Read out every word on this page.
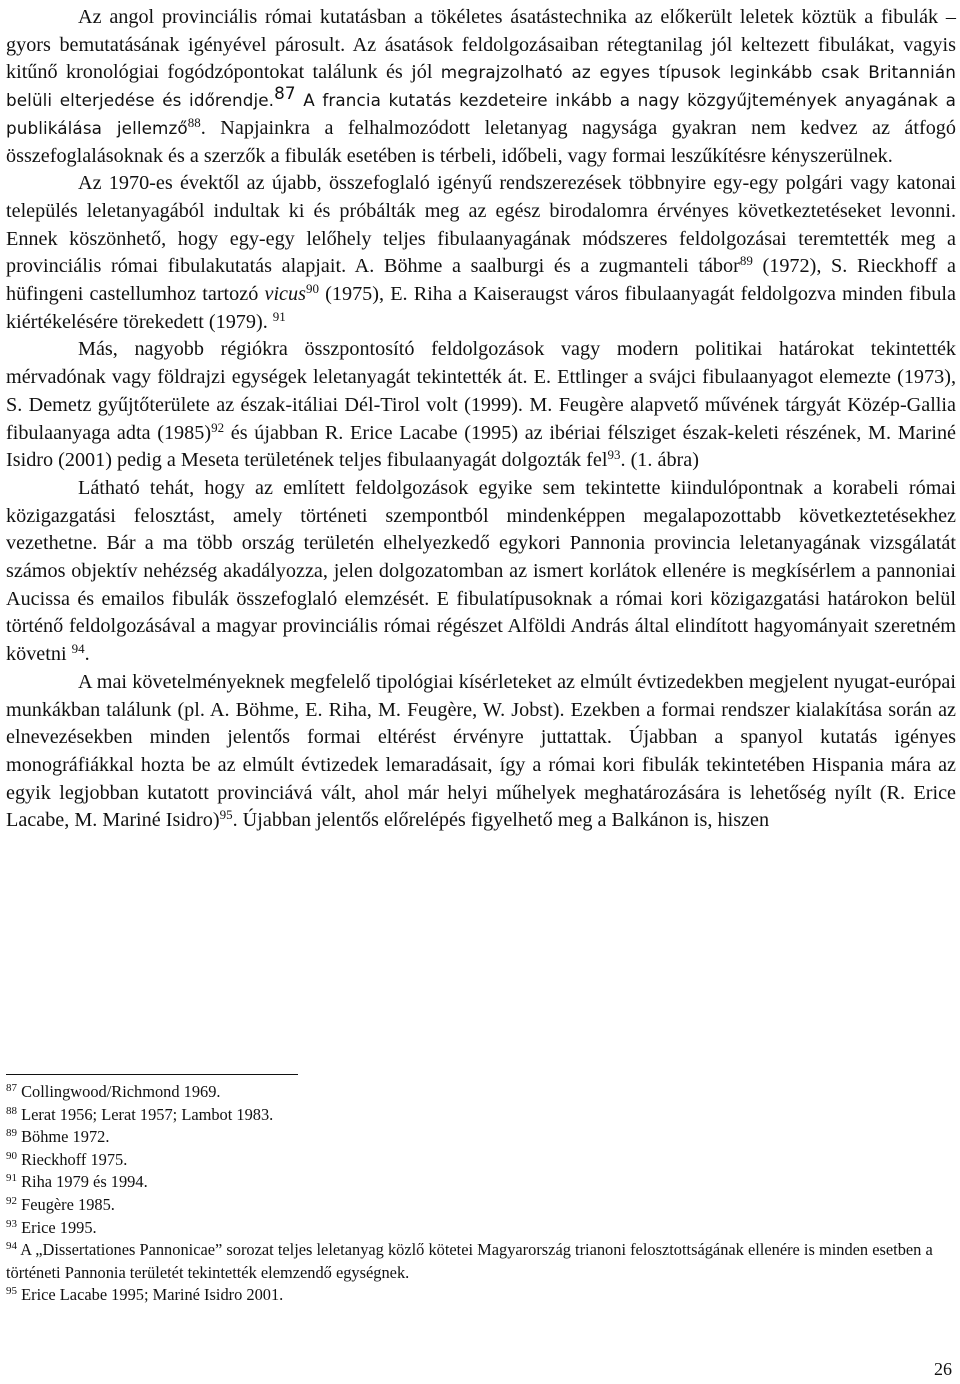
Az angol provinciális római kutatásban a tökéletes ásatástechnika az előkerült leletek köztük a fibulák – gyors bemutatásának igényével párosult. Az ásatások feldolgozásaiban rétegtanilag jól keltezett fibulákat, vagyis kitűnő kronológiai fogódzópontokat találunk és jól megrajzolható az egyes típusok leginkább csak Britannián belüli elterjedése és időrendje.$^{87}$ A francia kutatás kezdeteire inkább a nagy közgyűjtemények anyagának a publikálása jellemző$^{88}$. Napjainkra a felhalmozódott leletanyag nagysága gyakran nem kedvez az átfogó összefoglalásoknak és a szerzők a fibulák esetében is térbeli, időbeli, vagy formai leszűkítésre kényszerülnek.

Az 1970-es évektől az újabb, összefoglaló igényű rendszerezések többnyire egy-egy polgári vagy katonai település leletanyagából indultak ki és próbálták meg az egész birodalomra érvényes következtetéseket levonni. Ennek köszönhető, hogy egy-egy lelőhely teljes fibulaanyagának módszeres feldolgozásai teremtették meg a provinciális római fibulakutatás alapjait. A. Böhme a saalburgi és a zugmanteli tábor$^{89}$ (1972), S. Rieckhoff a hüfingeni castellumhoz tartozó vicus$^{90}$ (1975), E. Riha a Kaiseraugst város fibulaanyagát feldolgozva minden fibula kiértékelésére törekedett (1979). $^{91}$

Más, nagyobb régiókra összpontosító feldolgozások vagy modern politikai határokat tekintették mérvadónak vagy földrajzi egységek leletanyagát tekintették át. E. Ettlinger a svájci fibulaanyagot elemezte (1973), S. Demetz gyűjtőterülete az észak-itáliai Dél-Tirol volt (1999). M. Feugère alapvető művének tárgyát Közép-Gallia fibulaanyaga adta $(1985)^{92}$ és újabban R. Erice Lacabe (1995) az ibériai félsziget észak-keleti részének, M. Mariné Isidro (2001) pedig a Meseta területének teljes fibulaanyagát dolgozták fel$^{93}$. (1. ábra)

Látható tehát, hogy az említett feldolgozások egyike sem tekintette kiindulópontnak a korabeli római közigazgatási felosztást, amely történeti szempontból mindenképpen megalapozottabb következtetésekhez vezethetne. Bár a ma több ország területén elhelyezkedő egykori Pannonia provincia leletanyagának vizsgálatát számos objektív nehézség akadályozza, jelen dolgozatomban az ismert korlátok ellenére is megkísérlem a pannoniai Aucissa és emailos fibulák összefoglaló elemzését. E fibulatípusoknak a római kori közigazgatási határokon belül történő feldolgozásával a magyar provinciális római régészet Alföldi András által elindított hagyományait szeretném követni $^{94}$.

A mai követelményeknek megfelelő tipológiai kísérleteket az elmúlt évtizedekben megjelent nyugat-európai munkákban találunk (pl. A. Böhme, E. Riha, M. Feugère, W. Jobst). Ezekben a formai rendszer kialakítása során az elnevezésekben minden jelentős formai eltérést érvényre juttattak. Újabban a spanyol kutatás igényes monográfiákkal hozta be az elmúlt évtizedek lemaradásait, így a római kori fibulák tekintetében Hispania mára az egyik legjobban kutatott provinciává vált, ahol már helyi műhelyek meghatározására is lehetőség nyílt (R. Erice Lacabe, M. Mariné Isidro)$^{95}$. Újabban jelentős előrelépés figyelhető meg a Balkánon is, hiszen

$^{87}$ Collingwood/Richmond 1969.

$^{88}$ Lerat 1956; Lerat 1957; Lambot 1983.

$^{89}$ Böhme 1972.

$^{90}$ Rieckhoff 1975.

$^{91}$ Riha 1979 és 1994.

$^{92}$ Feugère 1985.

$^{93}$ Erice 1995.

$^{94}$ A „Dissertationes Pannonicae” sorozat teljes leletanyag közlő kötetei Magyarország trianoni felosztottságának ellenére is minden esetben a történeti Pannonia területét tekintették elemzendő egységnek.

$^{95}$ Erice Lacabe 1995; Mariné Isidro 2001.

26
